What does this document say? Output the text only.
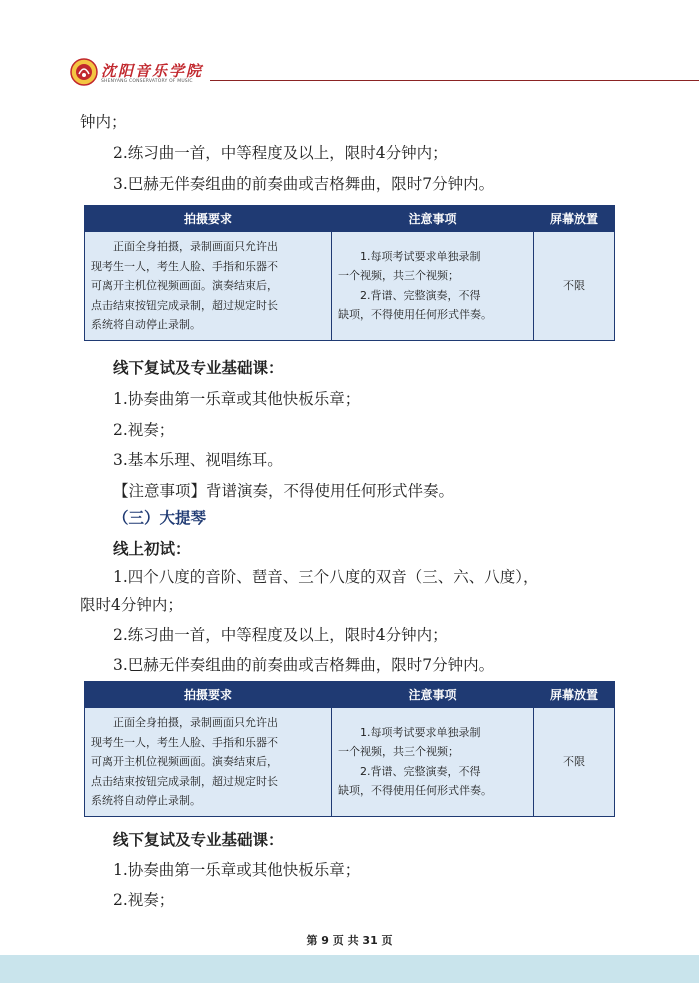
沈阳音乐学院
SHENYANG CONSERVATORY OF MUSIC
钟内；
2.练习曲一首，中等程度及以上，限时4分钟内；
3.巴赫无伴奏组曲的前奏曲或吉格舞曲，限时7分钟内。
拍摄要求	注意事项	屏幕放置

正面全身拍摄，录制画面只允许出
现考生一人，考生人脸、手指和乐器不
可离开主机位视频画面。演奏结束后，
点击结束按钮完成录制，超过规定时长
系统将自动停止录制。	1.每项考试要求单独录制
一个视频，共三个视频；
2.背谱、完整演奏，不得
缺项，不得使用任何形式伴奏。	不限
线下复试及专业基础课：
1.协奏曲第一乐章或其他快板乐章；
2.视奏；
3.基本乐理、视唱练耳。
【注意事项】背谱演奏，不得使用任何形式伴奏。
（三）大提琴
线上初试：
1.四个八度的音阶、琶音、三个八度的双音（三、六、八度），
限时4分钟内；
2.练习曲一首，中等程度及以上，限时4分钟内；
3.巴赫无伴奏组曲的前奏曲或吉格舞曲，限时7分钟内。
拍摄要求	注意事项	屏幕放置

正面全身拍摄，录制画面只允许出
现考生一人，考生人脸、手指和乐器不
可离开主机位视频画面。演奏结束后，
点击结束按钮完成录制，超过规定时长
系统将自动停止录制。	1.每项考试要求单独录制
一个视频，共三个视频；
2.背谱、完整演奏，不得
缺项，不得使用任何形式伴奏。	不限
线下复试及专业基础课：
1.协奏曲第一乐章或其他快板乐章；
2.视奏；
第 9 页 共 31 页
